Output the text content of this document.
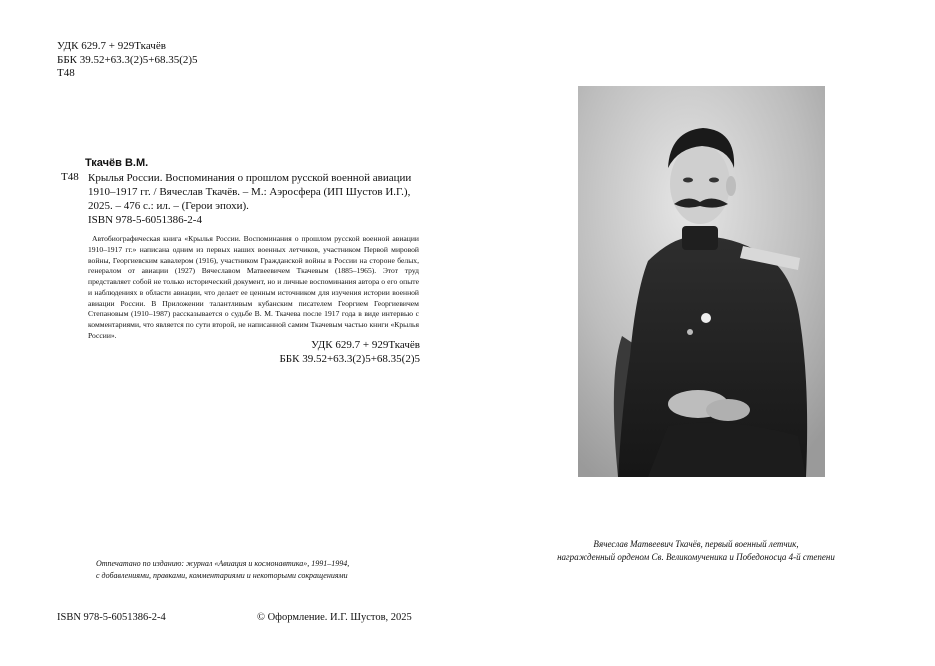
УДК 629.7 + 929Ткачёв
ББК 39.52+63.3(2)5+68.35(2)5
Т48
Ткачёв В.М.
Т48 Крылья России. Воспоминания о прошлом русской военной авиации
1910–1917 гг. / Вячеслав Ткачёв. – М.: Аэросфера (ИП Шустов И.Г.),
2025. – 476 с.: ил. – (Герои эпохи).
ISBN 978-5-6051386-2-4
Автобиографическая книга «Крылья России. Воспоминания о прошлом русской военной авиации 1910–1917 гг.» написана одним из первых наших военных летчиков, участником Первой мировой войны, Георгиевским кавалером (1916), участником Гражданской войны в России на стороне белых, генералом от авиации (1927) Вячеславом Матвеевичем Ткачевым (1885–1965). Этот труд представляет собой не только исторический документ, но и личные воспоминания автора о его опыте и наблюдениях в области авиации, что делает ее ценным источником для изучения истории военной авиации России. В Приложении талантливым кубанским писателем Георгием Георгиевичем Степановым (1910–1987) рассказывается о судьбе В. М. Ткачева после 1917 года в виде интервью с комментариями, что является по сути второй, не написанной самим Ткачевым частью книги «Крылья России».
УДК 629.7 + 929Ткачёв
ББК 39.52+63.3(2)5+68.35(2)5
Отпечатано по изданию: журнал «Авиация и космонавтика», 1991–1994,
с добавлениями, правками, комментариями и некоторыми сокращениями
ISBN 978-5-6051386-2-4	© Оформление. И.Г. Шустов, 2025
Вячеслав Матвеевич Ткачёв, первый военный летчик,
награжденный орденом Св. Великомученика и Победоносца 4-й степени
